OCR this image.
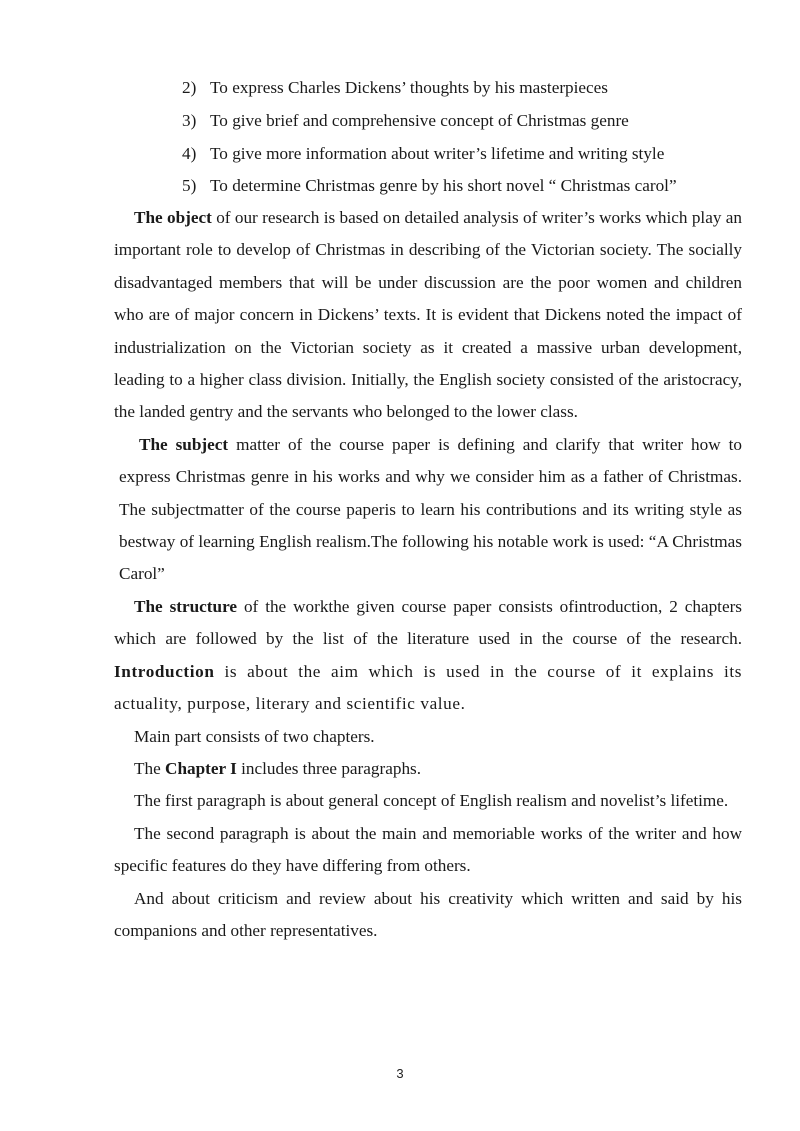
2) To express Charles Dickens’ thoughts by his masterpieces
3) To give brief and comprehensive concept of Christmas genre
4) To give more information about writer’s lifetime and writing style
5) To determine Christmas genre by his short novel “ Christmas carol”

The object of our research is based on detailed analysis of writer’s works which play an important role to develop of Christmas in describing of the Victorian society. The socially disadvantaged members that will be under discussion are the poor women and children who are of major concern in Dickens’ texts. It is evident that Dickens noted the impact of industrialization on the Victorian society as it created a massive urban development, leading to a higher class division. Initially, the English society consisted of the aristocracy, the landed gentry and the servants who belonged to the lower class.

The subject matter of the course paper is defining and clarify that writer how to express Christmas genre in his works and why we consider him as a father of Christmas. The subjectmatter of the course paperis to learn his contributions and its writing style as bestway of learning English realism.The following his notable work is used: “A Christmas Carol”

The structure of the workthe given course paper consists ofintroduction, 2 chapters which are followed by the list of the literature used in the course of the research. Introduction is about the aim which is used in the course of it explains its actuality, purpose, literary and scientific value.

Main part consists of two chapters.

The Chapter I includes three paragraphs.

The first paragraph is about general concept of English realism and novelist’s lifetime.

The second paragraph is about the main and memoriable works of the writer and how specific features do they have differing from others.

And about criticism and review about his creativity which written and said by his companions and other representatives.

3
